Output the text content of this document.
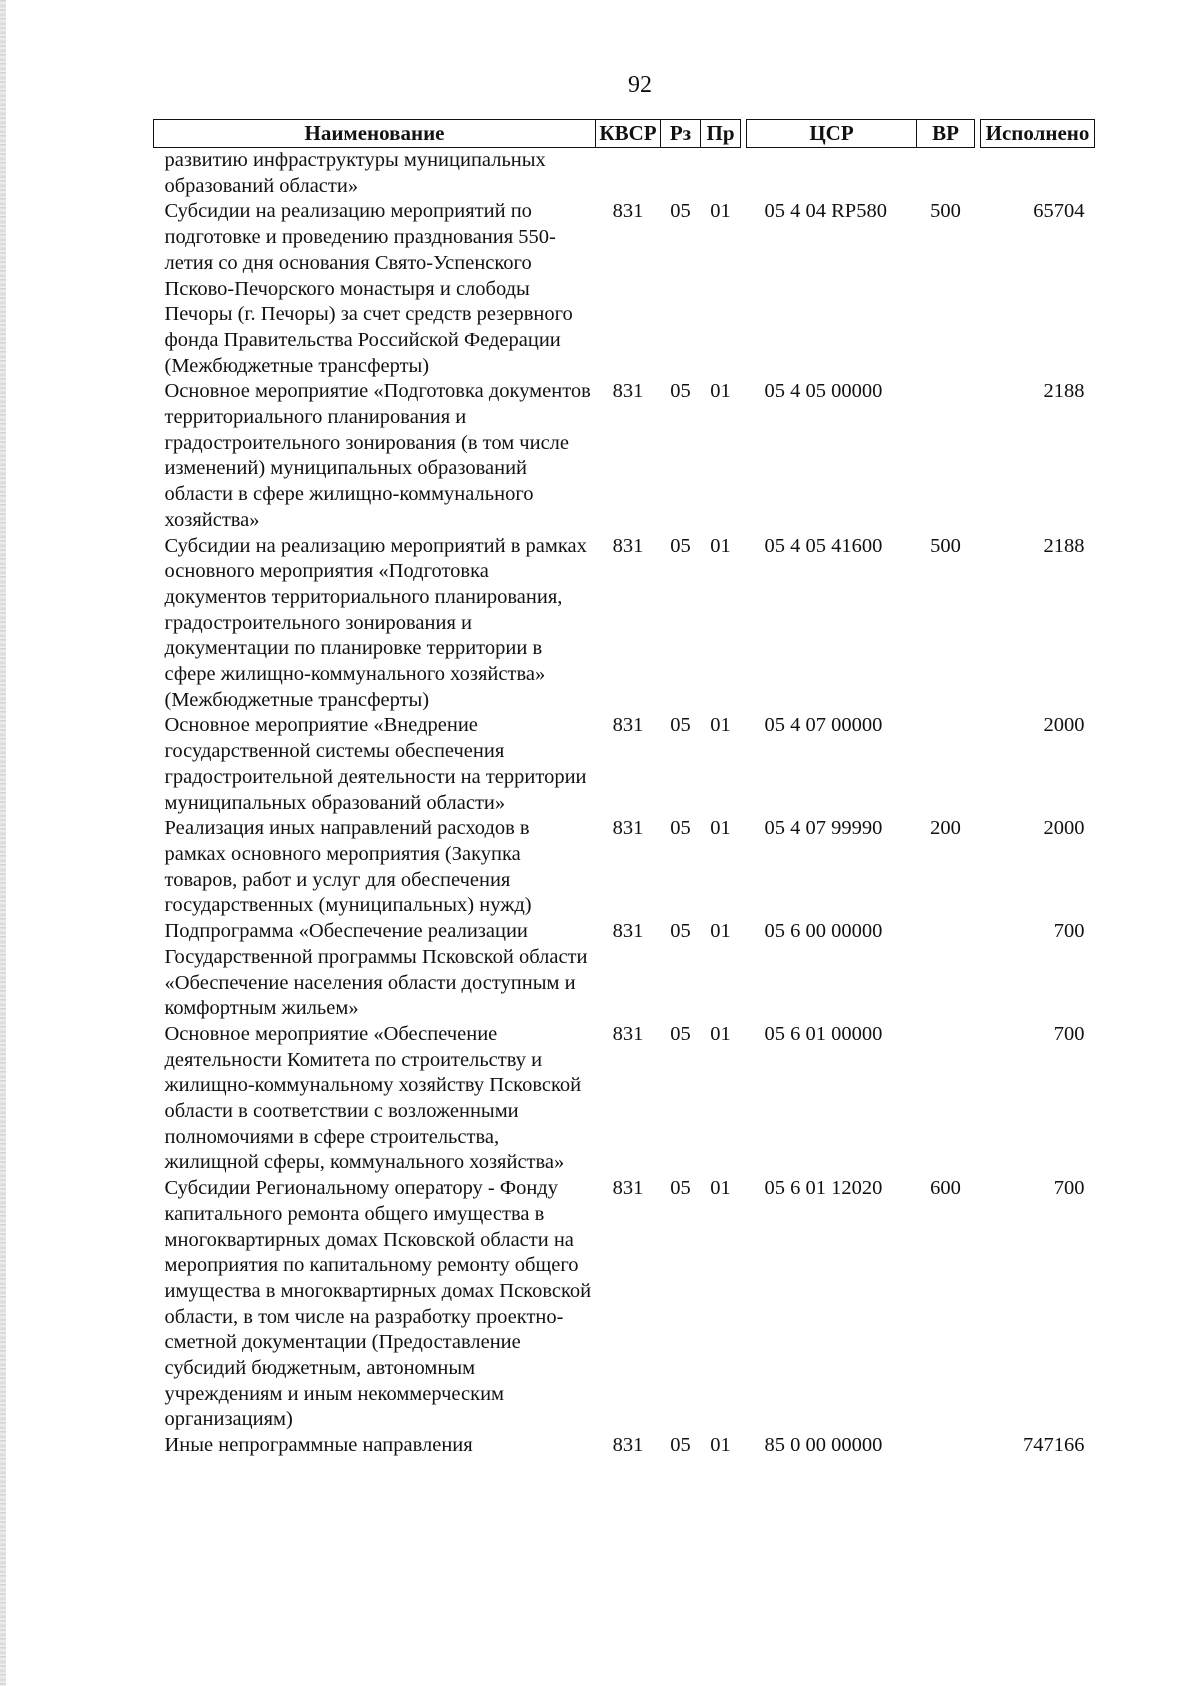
92
Наименование	КВСР	Рз	Пр		ЦСР	ВР		Исполнено
развитию инфраструктуры муниципальных образований области»								
Субсидии на реализацию мероприятий по подготовке и проведению празднования 550-летия со дня основания Свято-Успенского Псково-Печорского монастыря и слободы Печоры (г. Печоры) за счет средств резервного фонда Правительства Российской Федерации (Межбюджетные трансферты)	831	05	01		05 4 04 RP580	500		65704
Основное мероприятие «Подготовка документов территориального планирования и градостроительного зонирования (в том числе изменений) муниципальных образований области в сфере жилищно-коммунального хозяйства»	831	05	01		05 4 05 00000			2188
Субсидии на реализацию мероприятий в рамках основного мероприятия «Подготовка документов территориального планирования, градостроительного зонирования и документации по планировке территории в сфере жилищно-коммунального хозяйства» (Межбюджетные трансферты)	831	05	01		05 4 05 41600	500		2188
Основное мероприятие «Внедрение государственной системы обеспечения градостроительной деятельности на территории муниципальных образований области»	831	05	01		05 4 07 00000			2000
Реализация иных направлений расходов в рамках основного мероприятия (Закупка товаров, работ и услуг для обеспечения государственных (муниципальных) нужд)	831	05	01		05 4 07 99990	200		2000
Подпрограмма «Обеспечение реализации Государственной программы Псковской области «Обеспечение населения области доступным и комфортным жильем»	831	05	01		05 6 00 00000			700
Основное мероприятие «Обеспечение деятельности Комитета по строительству и жилищно-коммунальному хозяйству Псковской области в соответствии с возложенными полномочиями в сфере строительства, жилищной сферы, коммунального хозяйства»	831	05	01		05 6 01 00000			700
Субсидии Региональному оператору - Фонду капитального ремонта общего имущества в многоквартирных домах Псковской области на мероприятия по капитальному ремонту общего имущества в многоквартирных домах Псковской области, в том числе на разработку проектно-сметной документации (Предоставление субсидий бюджетным, автономным учреждениям и иным некоммерческим организациям)	831	05	01		05 6 01 12020	600		700
Иные непрограммные направления	831	05	01		85 0 00 00000			747166
